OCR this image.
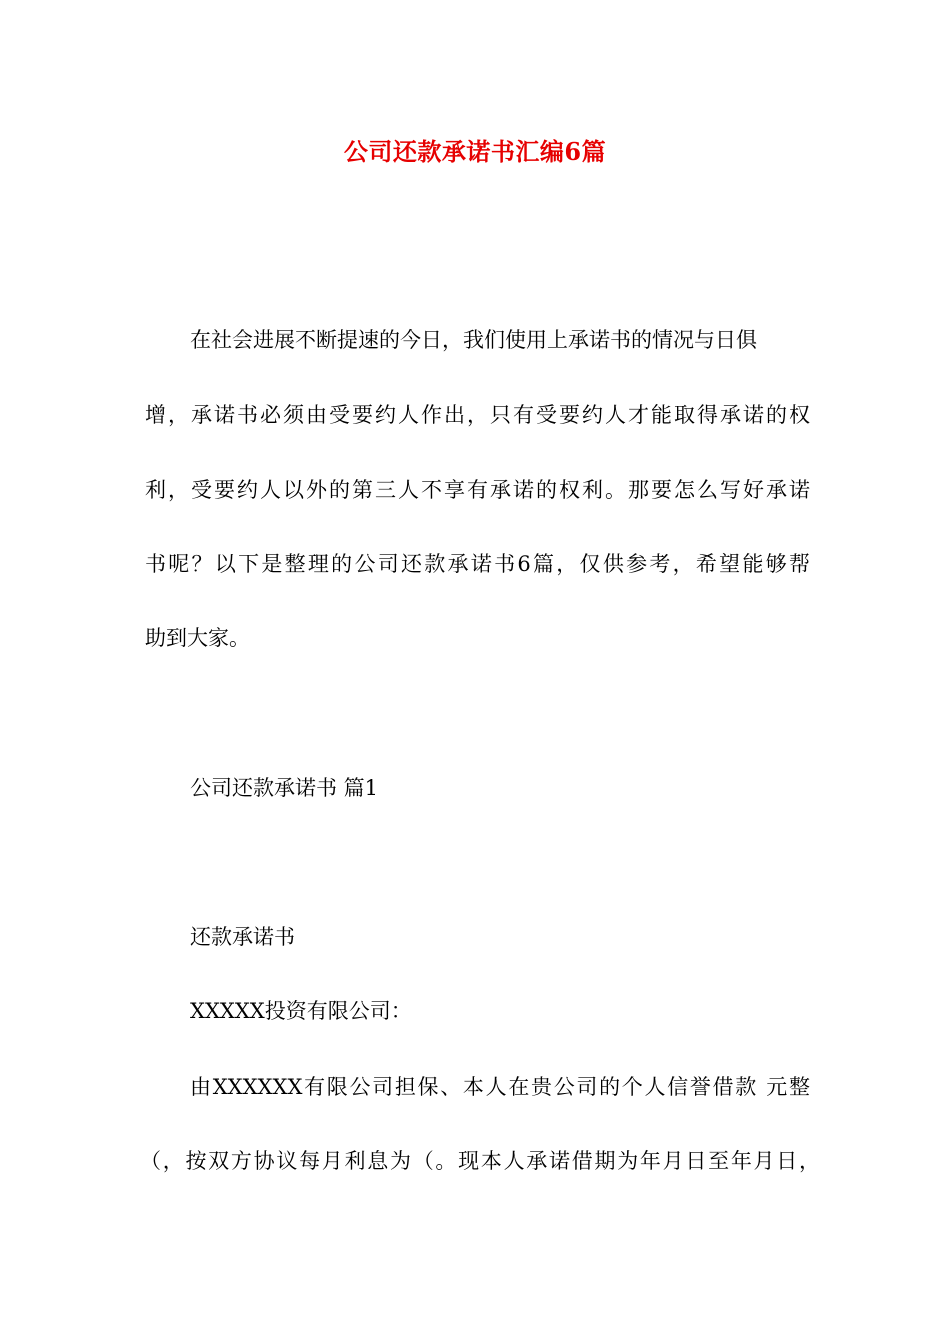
公司还款承诺书汇编6篇
在社会进展不断提速的今日，我们使用上承诺书的情况与日俱
增，承诺书必须由受要约人作出，只有受要约人才能取得承诺的权
利，受要约人以外的第三人不享有承诺的权利。那要怎么写好承诺
书呢？以下是整理的公司还款承诺书6篇，仅供参考，希望能够帮
助到大家。
公司还款承诺书 篇1
还款承诺书
XXXXX投资有限公司：
由XXXXXX有限公司担保、本人在贵公司的个人信誉借款 元整
（，按双方协议每月利息为（。现本人承诺借期为年月日至年月日，
